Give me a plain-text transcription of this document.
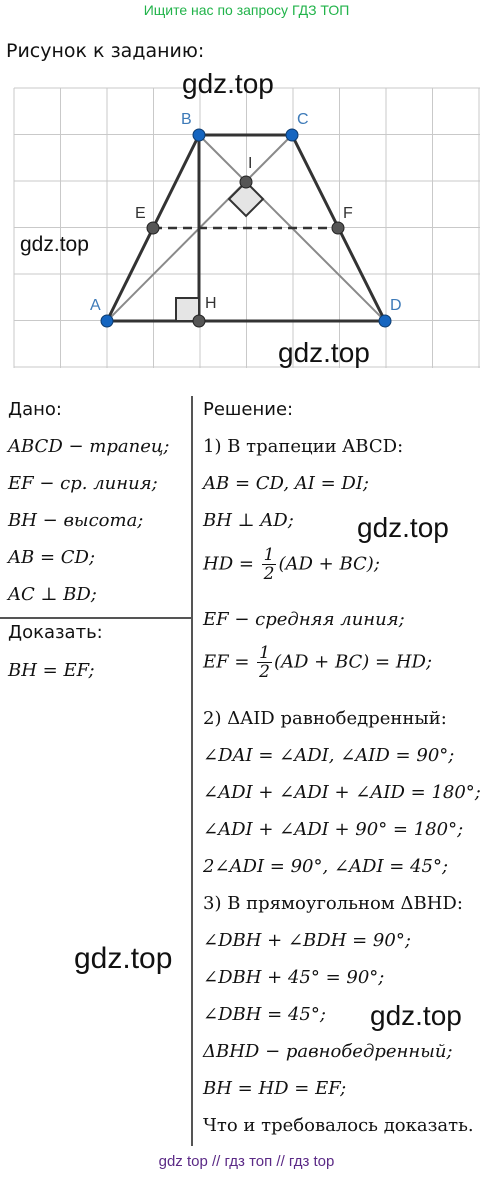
Ищите нас по запросу ГДЗ ТОП
Рисунок к заданию:
A
B	C
D
E	F
H
I
gdz.top
gdz.top
gdz.top
Дано:
ABCD − трапец;
EF − ср. линия;
BH − высота;
AB = CD;
AC ⊥ BD;
Доказать:
BH = EF;
Решение:
1) В трапеции ABCD:
AB = CD, AI = DI;
BH ⊥ AD;
HD = $\frac{1}{2} (AD + BC)$;
EF − средняя линия;
EF = $\frac{1}{2} (AD + BC)$ = HD;
2) ΔAID равнобедренный:
∠DAI = ∠ADI, ∠AID = 90°;
∠ADI + ∠ADI + ∠AID = 180°;
∠ADI + ∠ADI + 90° = 180°;
2∠ADI = 90°, ∠ADI = 45°;
3) В прямоугольном ΔBHD:
∠DBH + ∠BDH = 90°;
∠DBH + 45° = 90°;
∠DBH = 45°;
ΔBHD − равнобедренный;
BH = HD = EF;
Что и требовалось доказать.
gdz.top
gdz.top
gdz.top
gdz top // гдз топ // гдз top
